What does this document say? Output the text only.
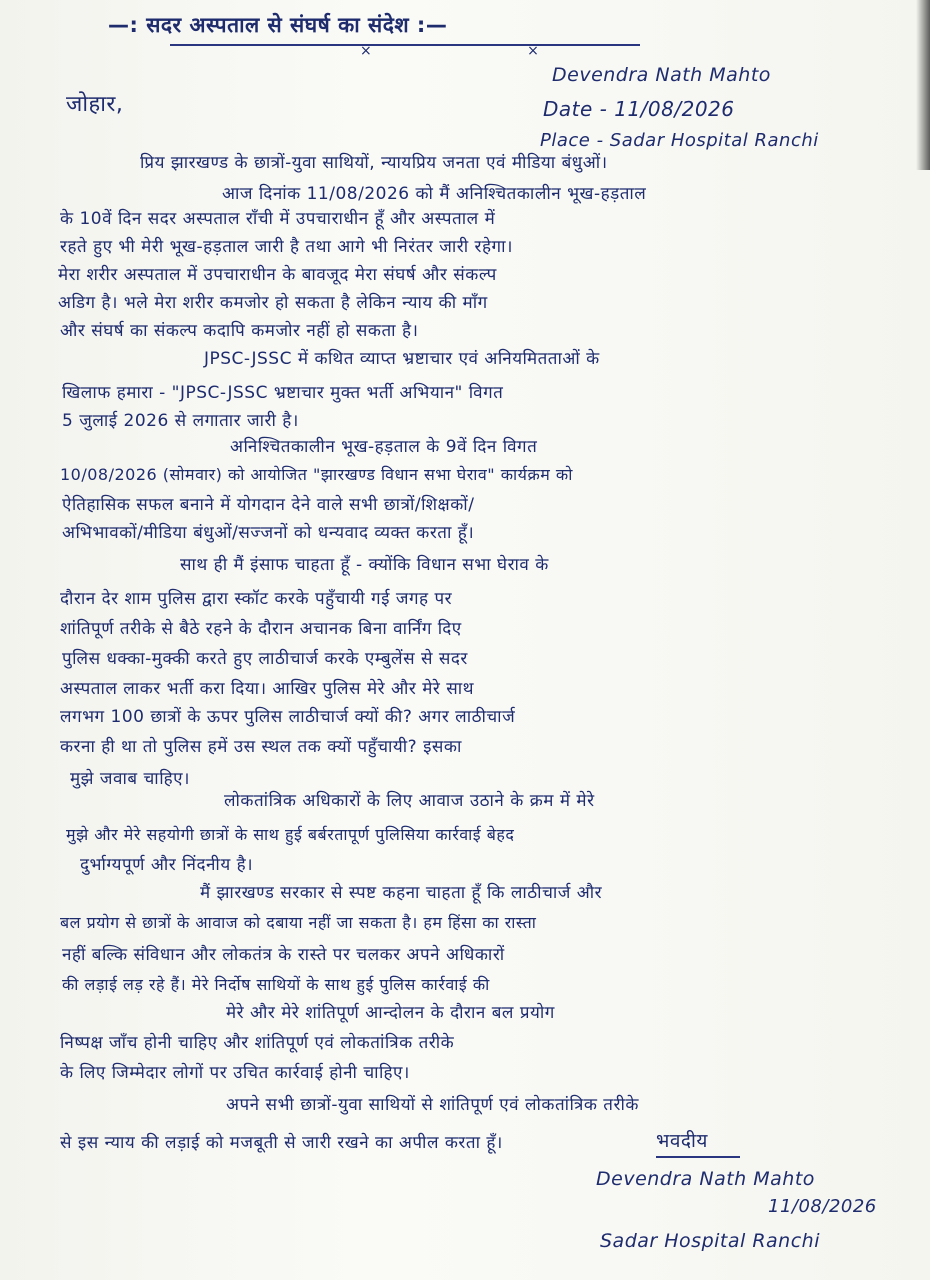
—: सदर अस्पताल से संघर्ष का संदेश :—
× ×
Devendra Nath Mahto
जोहार,	Date - 11/08/2026
Place - Sadar Hospital Ranchi
प्रिय झारखण्ड के छात्रों-युवा साथियों, न्यायप्रिय जनता एवं मीडिया बंधुओं।
आज दिनांक 11/08/2026 को मैं अनिश्चितकालीन भूख-हड़ताल
के 10वें दिन सदर अस्पताल राँची में उपचाराधीन हूँ और अस्पताल में
रहते हुए भी मेरी भूख-हड़ताल जारी है तथा आगे भी निरंतर जारी रहेगा।
मेरा शरीर अस्पताल में उपचाराधीन के बावजूद मेरा संघर्ष और संकल्प
अडिग है। भले मेरा शरीर कमजोर हो सकता है लेकिन न्याय की माँग
और संघर्ष का संकल्प कदापि कमजोर नहीं हो सकता है।
JPSC-JSSC में कथित व्याप्त भ्रष्टाचार एवं अनियमितताओं के
खिलाफ हमारा - "JPSC-JSSC भ्रष्टाचार मुक्त भर्ती अभियान" विगत
5 जुलाई 2026 से लगातार जारी है।
अनिश्चितकालीन भूख-हड़ताल के 9वें दिन विगत
10/08/2026 (सोमवार) को आयोजित "झारखण्ड विधान सभा घेराव" कार्यक्रम को
ऐतिहासिक सफल बनाने में योगदान देने वाले सभी छात्रों/शिक्षकों/
अभिभावकों/मीडिया बंधुओं/सज्जनों को धन्यवाद व्यक्त करता हूँ।
साथ ही मैं इंसाफ चाहता हूँ - क्योंकि विधान सभा घेराव के
दौरान देर शाम पुलिस द्वारा स्कॉट करके पहुँचायी गई जगह पर
शांतिपूर्ण तरीके से बैठे रहने के दौरान अचानक बिना वार्निंग दिए
पुलिस धक्का-मुक्की करते हुए लाठीचार्ज करके एम्बुलेंस से सदर
अस्पताल लाकर भर्ती करा दिया। आखिर पुलिस मेरे और मेरे साथ
लगभग 100 छात्रों के ऊपर पुलिस लाठीचार्ज क्यों की? अगर लाठीचार्ज
करना ही था तो पुलिस हमें उस स्थल तक क्यों पहुँचायी? इसका
मुझे जवाब चाहिए।
लोकतांत्रिक अधिकारों के लिए आवाज उठाने के क्रम में मेरे
मुझे और मेरे सहयोगी छात्रों के साथ हुई बर्बरतापूर्ण पुलिसिया कार्रवाई बेहद
दुर्भाग्यपूर्ण और निंदनीय है।
मैं झारखण्ड सरकार से स्पष्ट कहना चाहता हूँ कि लाठीचार्ज और
बल प्रयोग से छात्रों के आवाज को दबाया नहीं जा सकता है। हम हिंसा का रास्ता
नहीं बल्कि संविधान और लोकतंत्र के रास्ते पर चलकर अपने अधिकारों
की लड़ाई लड़ रहे हैं। मेरे निर्दोष साथियों के साथ हुई पुलिस कार्रवाई की
मेरे और मेरे शांतिपूर्ण आन्दोलन के दौरान बल प्रयोग
निष्पक्ष जाँच होनी चाहिए और शांतिपूर्ण एवं लोकतांत्रिक तरीके
के लिए जिम्मेदार लोगों पर उचित कार्रवाई होनी चाहिए।
अपने सभी छात्रों-युवा साथियों से शांतिपूर्ण एवं लोकतांत्रिक तरीके
से इस न्याय की लड़ाई को मजबूती से जारी रखने का अपील करता हूँ।	भवदीय
Devendra Nath Mahto
11/08/2026
Sadar Hospital Ranchi
